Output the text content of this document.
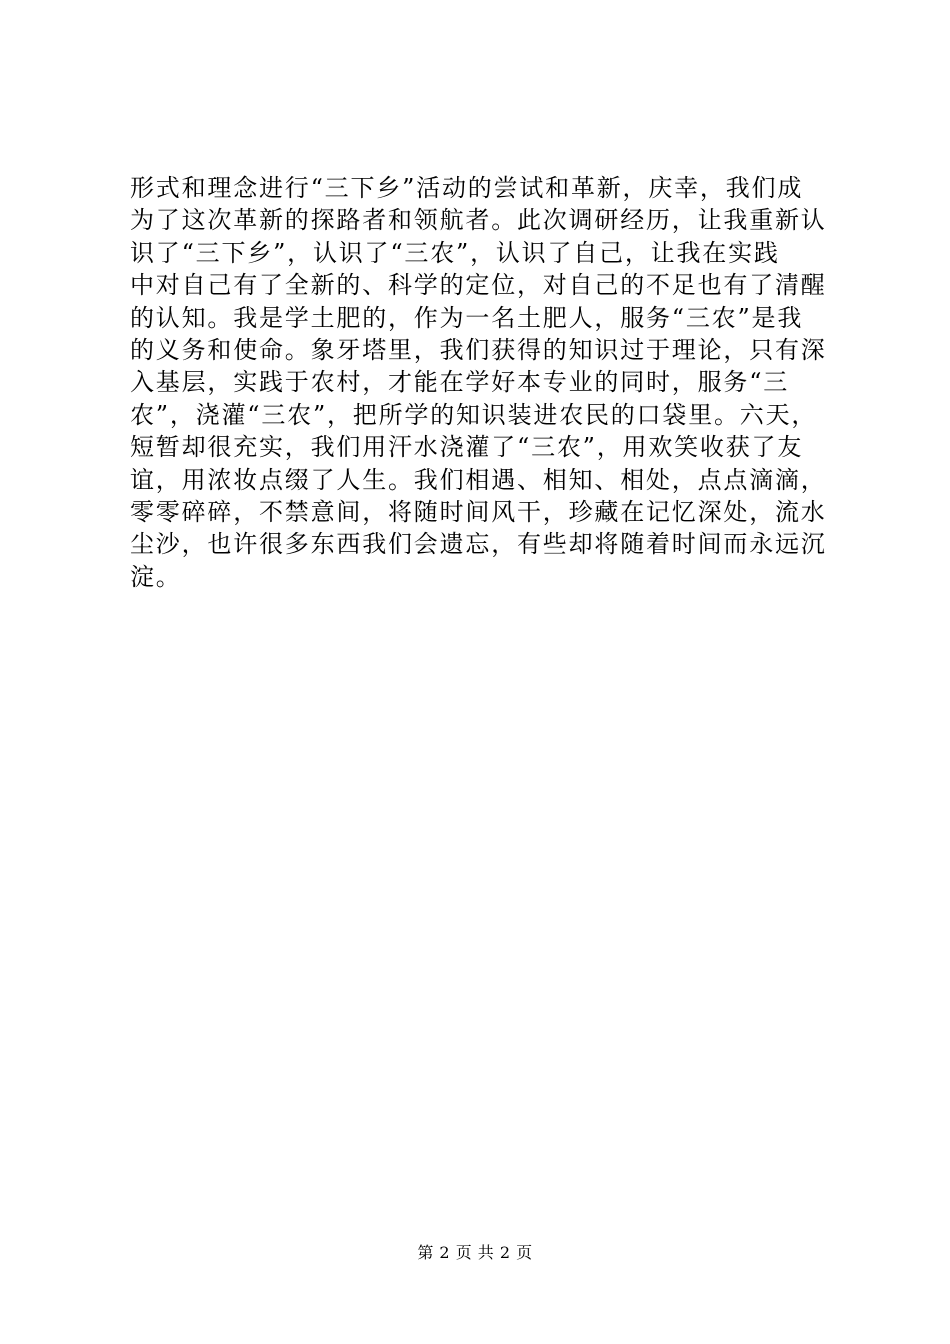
形式和理念进行“三下乡”活动的尝试和革新，庆幸，我们成
为了这次革新的探路者和领航者。此次调研经历，让我重新认
识了“三下乡”，认识了“三农”，认识了自己，让我在实践
中对自己有了全新的、科学的定位，对自己的不足也有了清醒
的认知。我是学土肥的，作为一名土肥人，服务“三农”是我
的义务和使命。象牙塔里，我们获得的知识过于理论，只有深
入基层，实践于农村，才能在学好本专业的同时，服务“三
农”，浇灌“三农”，把所学的知识装进农民的口袋里。六天，
短暂却很充实，我们用汗水浇灌了“三农”，用欢笑收获了友
谊，用浓妆点缀了人生。我们相遇、相知、相处，点点滴滴，
零零碎碎，不禁意间，将随时间风干，珍藏在记忆深处，流水
尘沙，也许很多东西我们会遗忘，有些却将随着时间而永远沉
淀。
第 2 页 共 2 页
